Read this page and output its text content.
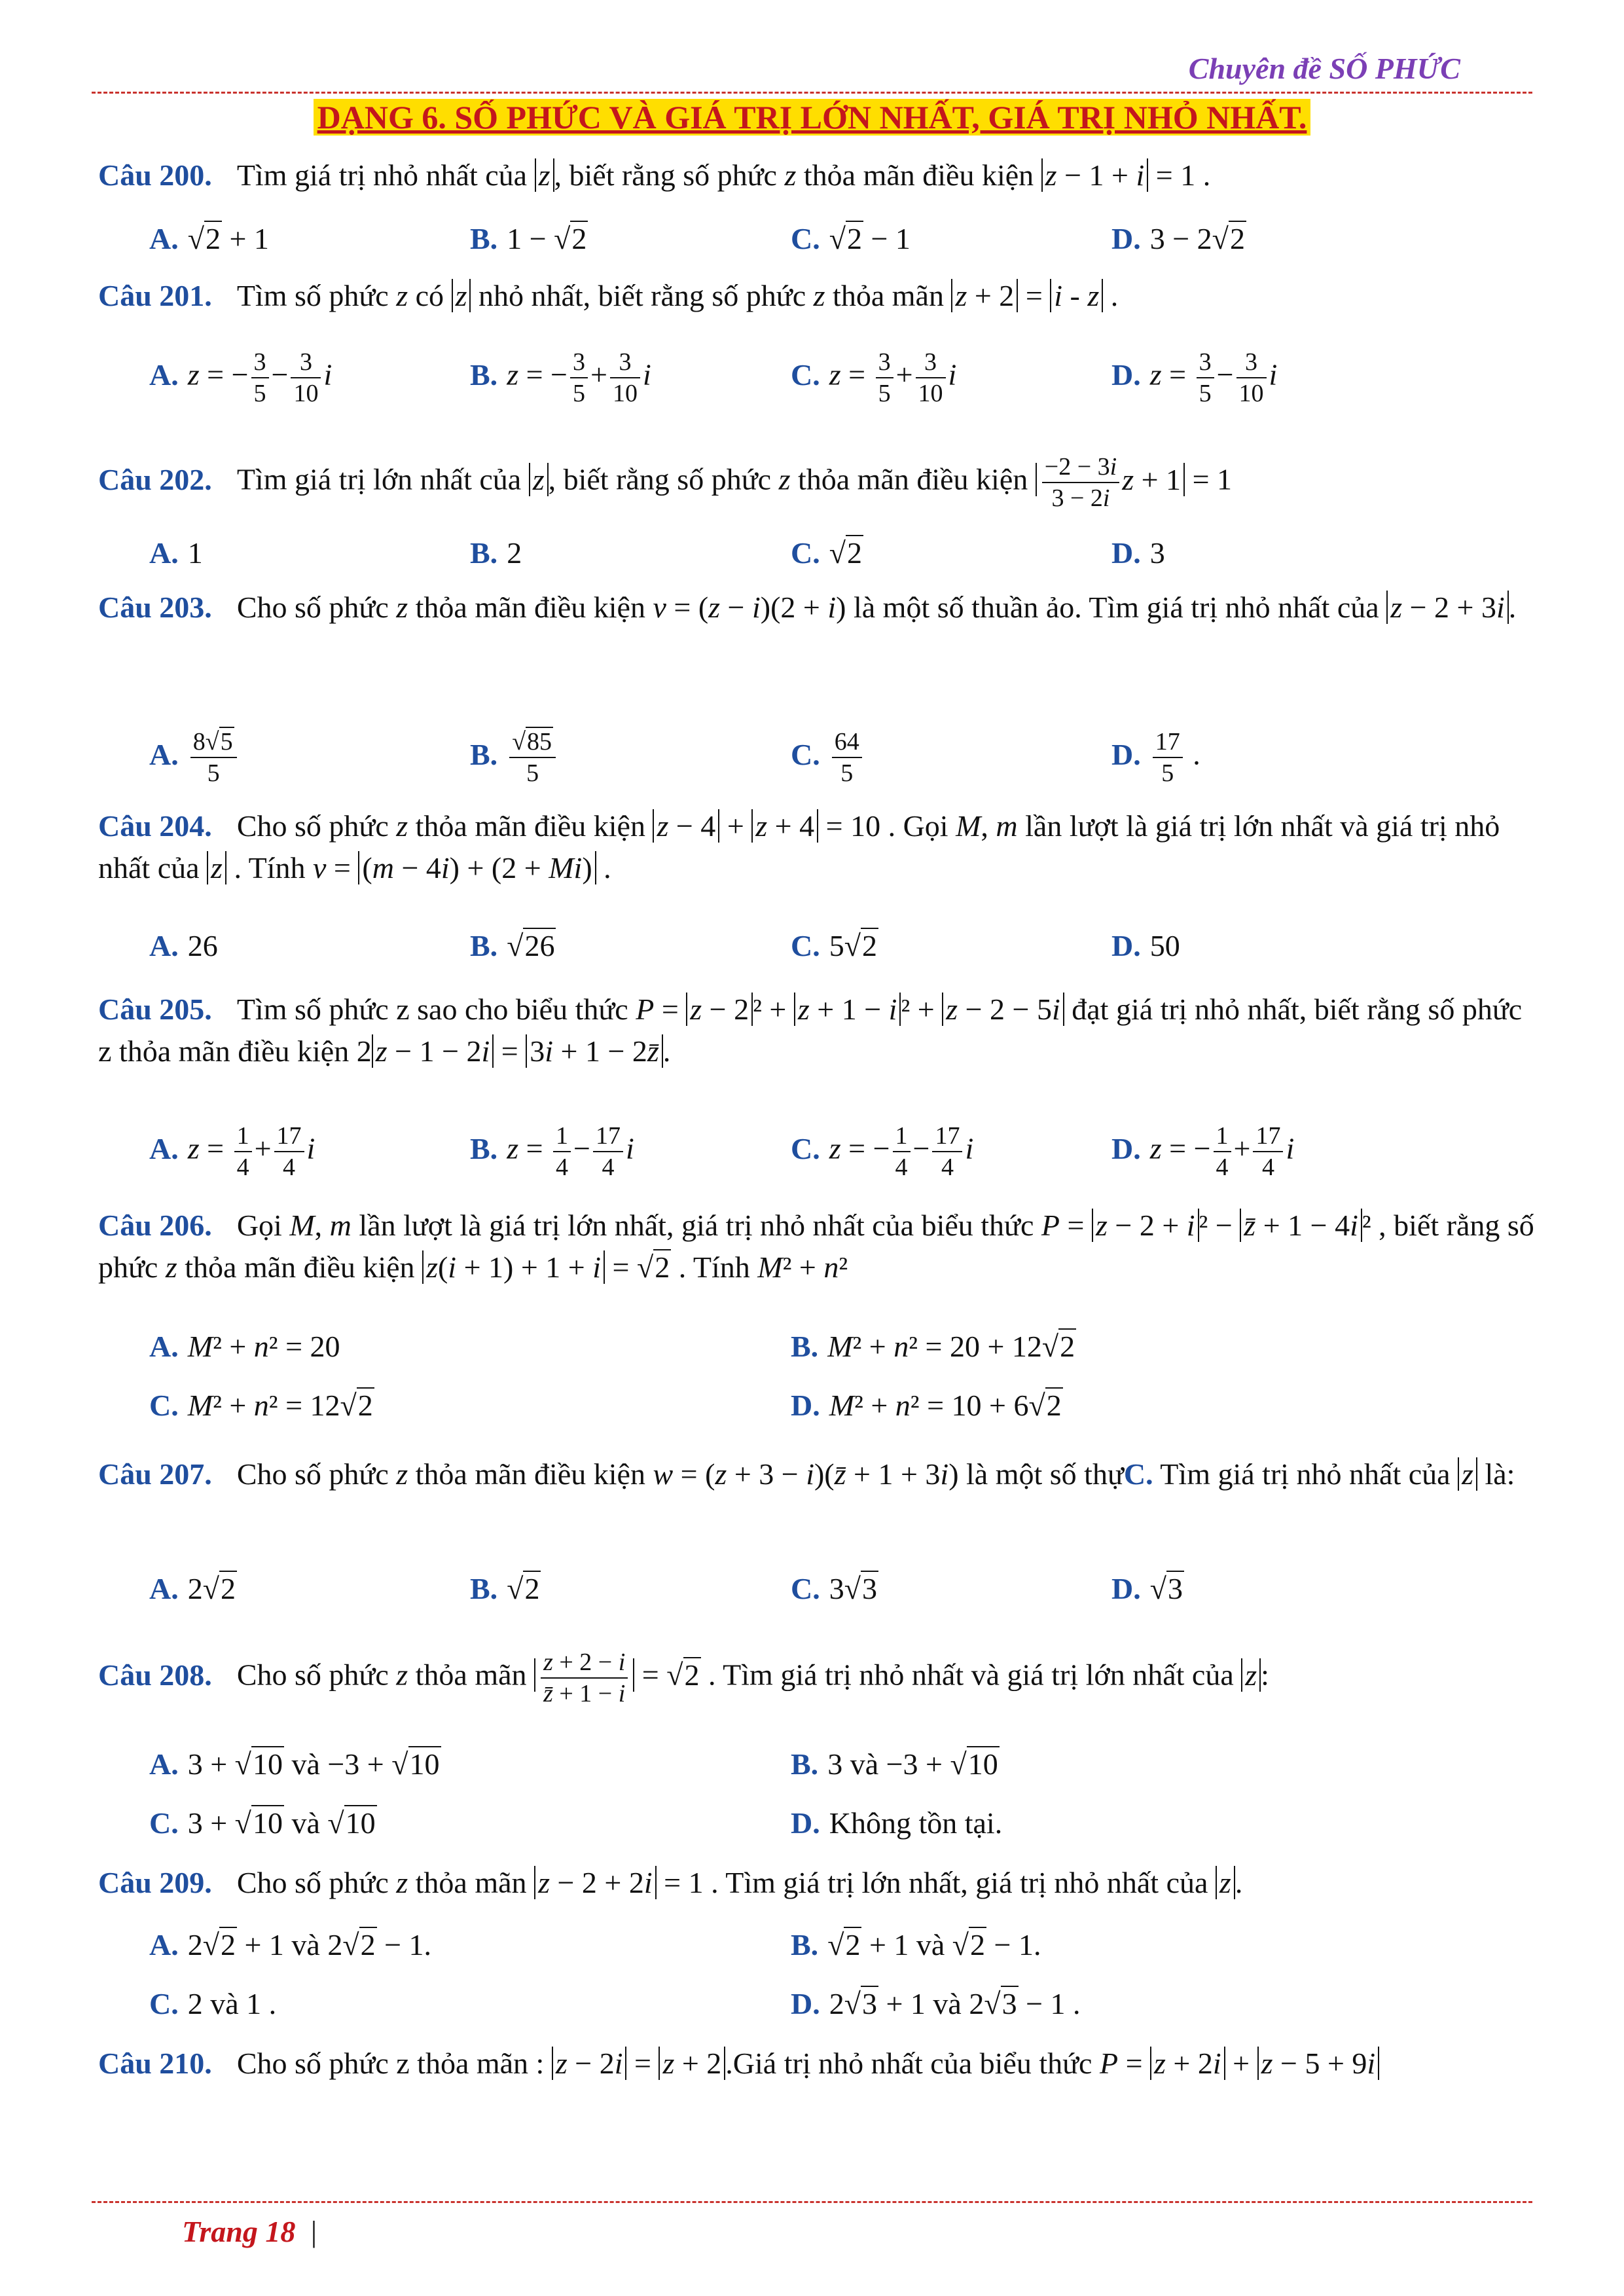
Chuyên đề SỐ PHỨC
DẠNG 6. SỐ PHỨC VÀ GIÁ TRỊ LỚN NHẤT, GIÁ TRỊ NHỎ NHẤT.
Câu 200. Tìm giá trị nhỏ nhất của z , biết rằng số phức z thỏa mãn điều kiện z − 1 + i = 1 .
A. √2 + 1	B. 1 − √2	C. √2 − 1	D. 3 − 2√2
Câu 201. Tìm số phức z có z nhỏ nhất, biết rằng số phức z thỏa mãn z + 2 = i - z .
A. z = − $\frac{3}{5} - \frac{3}{10}$ i	B. z = − $\frac{3}{5} + \frac{3}{10}$ i	C. $z = \frac{3}{5} + \frac{3}{10}$ i	D. $z = \frac{3}{5} - \frac{3}{10}$ i
Câu 202. Tìm giá trị lớn nhất của z , biết rằng số phức z thỏa mãn điều kiện $\frac{-2 - 3i}{3 - 2i}$ z + 1 = 1
A. 1	B. 2	C. √2	D. 3
Câu 203. Cho số phức z thỏa mãn điều kiện v = (z − i)(2 + i) là một số thuần ảo. Tìm giá trị nhỏ nhất của z − 2 + 3i .
A. $\frac{8√5}{5}$	B. $\frac{√85}{5}$	C. $\frac{64}{5}$	D. $\frac{17}{5}$ .
Câu 204. Cho số phức z thỏa mãn điều kiện z − 4 + z + 4 = 10 . Gọi M, m lần lượt là giá trị lớn nhất và giá trị nhỏ nhất của z . Tính v = (m − 4i) + (2 + Mi) .
A. 26	B. √26	C. 5√2	D. 50
Câu 205. Tìm số phức z sao cho biểu thức P = z − 2 ² + z + 1 − i ² + z − 2 − 5i đạt giá trị nhỏ nhất, biết rằng số phức z thỏa mãn điều kiện 2 z − 1 − 2i = 3i + 1 − 2z̄ .
A. $z = \frac{1}{4} + \frac{17}{4}$ i	B. $z = \frac{1}{4} - \frac{17}{4}$ i	C. z = − $\frac{1}{4} - \frac{17}{4}$ i	D. z = − $\frac{1}{4} + \frac{17}{4}$ i
Câu 206. Gọi M, m lần lượt là giá trị lớn nhất, giá trị nhỏ nhất của biểu thức P = z − 2 + i ² − z̄ + 1 − 4i ² , biết rằng số phức z thỏa mãn điều kiện z(i + 1) + 1 + i = √2 . Tính M² + n²
A. M² + n² = 20	B. M² + n² = 20 + 12√2
C. M² + n² = 12√2	D. M² + n² = 10 + 6√2
Câu 207. Cho số phức z thỏa mãn điều kiện w = (z + 3 − i)(z̄ + 1 + 3i) là một số thựC. Tìm giá trị nhỏ nhất của z là:
A. 2√2	B. √2	C. 3√3	D. √3
Câu 208. Cho số phức z thỏa mãn $\frac{z + 2 - i}{z̄ + 1 - i} = √2$ . Tìm giá trị nhỏ nhất và giá trị lớn nhất của z :
A. 3 + √10 và −3 + √10	B. 3 và −3 + √10
C. 3 + √10 và √10	D. Không tồn tại.
Câu 209. Cho số phức z thỏa mãn z − 2 + 2i = 1 . Tìm giá trị lớn nhất, giá trị nhỏ nhất của z .
A. 2√2 + 1 và 2√2 − 1.	B. √2 + 1 và √2 − 1.
C. 2 và 1 .	D. 2√3 + 1 và 2√3 − 1 .
Câu 210. Cho số phức z thỏa mãn : z − 2i = z + 2 .Giá trị nhỏ nhất của biểu thức P = z + 2i + z − 5 + 9i
Trang 18 |
